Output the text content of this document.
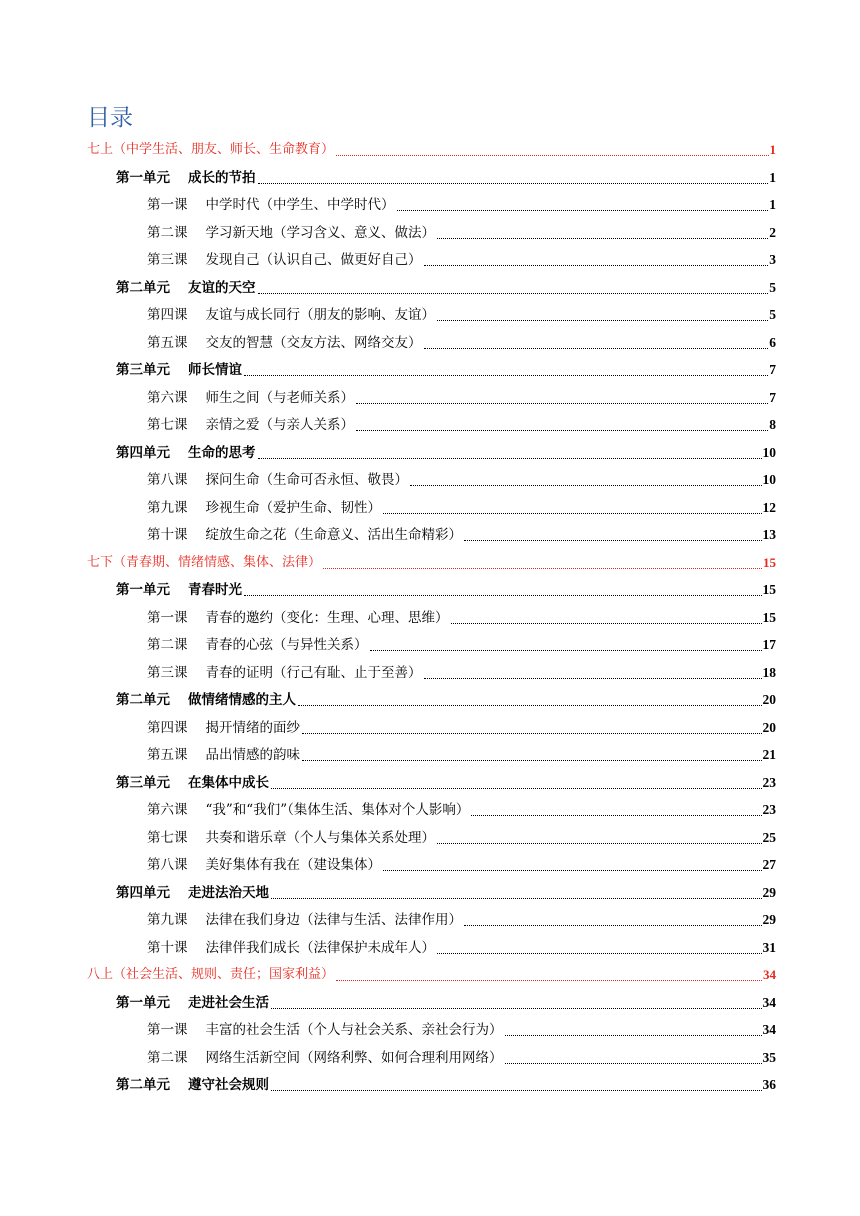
目录
七上（中学生活、朋友、师长、生命教育）	1
第一单元 成长的节拍	1
第一课 中学时代（中学生、中学时代）	1
第二课 学习新天地（学习含义、意义、做法）	2
第三课 发现自己（认识自己、做更好自己）	3
第二单元 友谊的天空	5
第四课 友谊与成长同行（朋友的影响、友谊）	5
第五课 交友的智慧（交友方法、网络交友）	6
第三单元 师长情谊	7
第六课 师生之间（与老师关系）	7
第七课 亲情之爱（与亲人关系）	8
第四单元 生命的思考	10
第八课 探问生命（生命可否永恒、敬畏）	10
第九课 珍视生命（爱护生命、韧性）	12
第十课 绽放生命之花（生命意义、活出生命精彩）	13
七下（青春期、情绪情感、集体、法律）	15
第一单元 青春时光	15
第一课 青春的邀约（变化：生理、心理、思维）	15
第二课 青春的心弦（与异性关系）	17
第三课 青春的证明（行己有耻、止于至善）	18
第二单元 做情绪情感的主人	20
第四课 揭开情绪的面纱	20
第五课 品出情感的韵味	21
第三单元 在集体中成长	23
第六课 “我”和“我们”（集体生活、集体对个人影响）	23
第七课 共奏和谐乐章（个人与集体关系处理）	25
第八课 美好集体有我在（建设集体）	27
第四单元 走进法治天地	29
第九课 法律在我们身边（法律与生活、法律作用）	29
第十课 法律伴我们成长（法律保护未成年人）	31
八上（社会生活、规则、责任；国家利益）	34
第一单元 走进社会生活	34
第一课 丰富的社会生活（个人与社会关系、亲社会行为）	34
第二课 网络生活新空间（网络利弊、如何合理利用网络）	35
第二单元 遵守社会规则	36
